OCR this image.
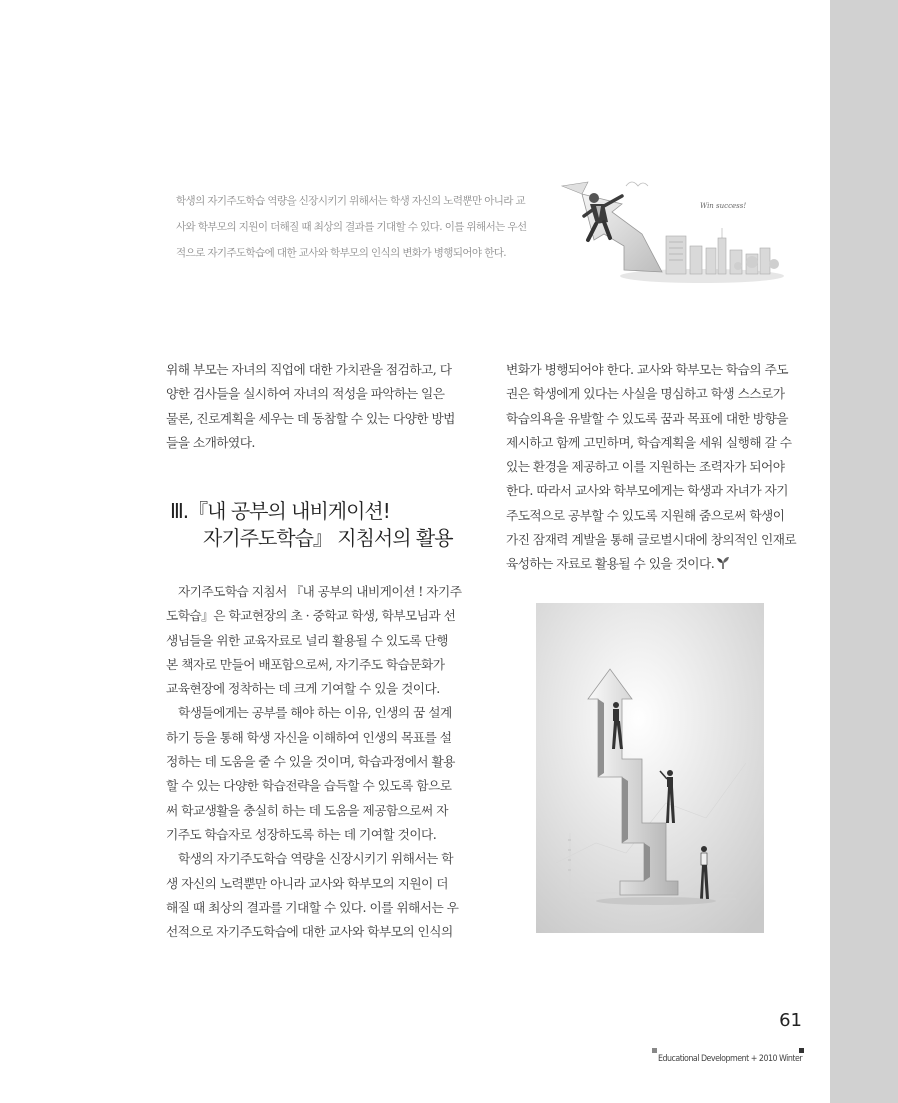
학생의 자기주도학습 역량을 신장시키기 위해서는 학생 자신의 노력뿐만 아니라 교
사와 학부모의 지원이 더해질 때 최상의 결과를 기대할 수 있다. 이를 위해서는 우선
적으로 자기주도학습에 대한 교사와 학부모의 인식의 변화가 병행되어야 한다.
Win success!
위해 부모는 자녀의 직업에 대한 가치관을 점검하고, 다
양한 검사들을 실시하여 자녀의 적성을 파악하는 일은
물론, 진로계획을 세우는 데 동참할 수 있는 다양한 방법
들을 소개하였다.
Ⅲ.『내 공부의 내비게이션!
자기주도학습』 지침서의 활용
자기주도학습 지침서 『내 공부의 내비게이션 ! 자기주
도학습』은 학교현장의 초 · 중학교 학생, 학부모님과 선
생님들을 위한 교육자료로 널리 활용될 수 있도록 단행
본 책자로 만들어 배포함으로써, 자기주도 학습문화가
교육현장에 정착하는 데 크게 기여할 수 있을 것이다.
학생들에게는 공부를 해야 하는 이유, 인생의 꿈 설계
하기 등을 통해 학생 자신을 이해하여 인생의 목표를 설
정하는 데 도움을 줄 수 있을 것이며, 학습과정에서 활용
할 수 있는 다양한 학습전략을 습득할 수 있도록 함으로
써 학교생활을 충실히 하는 데 도움을 제공함으로써 자
기주도 학습자로 성장하도록 하는 데 기여할 것이다.
학생의 자기주도학습 역량을 신장시키기 위해서는 학
생 자신의 노력뿐만 아니라 교사와 학부모의 지원이 더
해질 때 최상의 결과를 기대할 수 있다. 이를 위해서는 우
선적으로 자기주도학습에 대한 교사와 학부모의 인식의
변화가 병행되어야 한다. 교사와 학부모는 학습의 주도
권은 학생에게 있다는 사실을 명심하고 학생 스스로가
학습의욕을 유발할 수 있도록 꿈과 목표에 대한 방향을
제시하고 함께 고민하며, 학습계획을 세워 실행해 갈 수
있는 환경을 제공하고 이를 지원하는 조력자가 되어야
한다. 따라서 교사와 학부모에게는 학생과 자녀가 자기
주도적으로 공부할 수 있도록 지원해 줌으로써 학생이
가진 잠재력 계발을 통해 글로벌시대에 창의적인 인재로
육성하는 자료로 활용될 수 있을 것이다.
61
Educational Development + 2010 Winter
